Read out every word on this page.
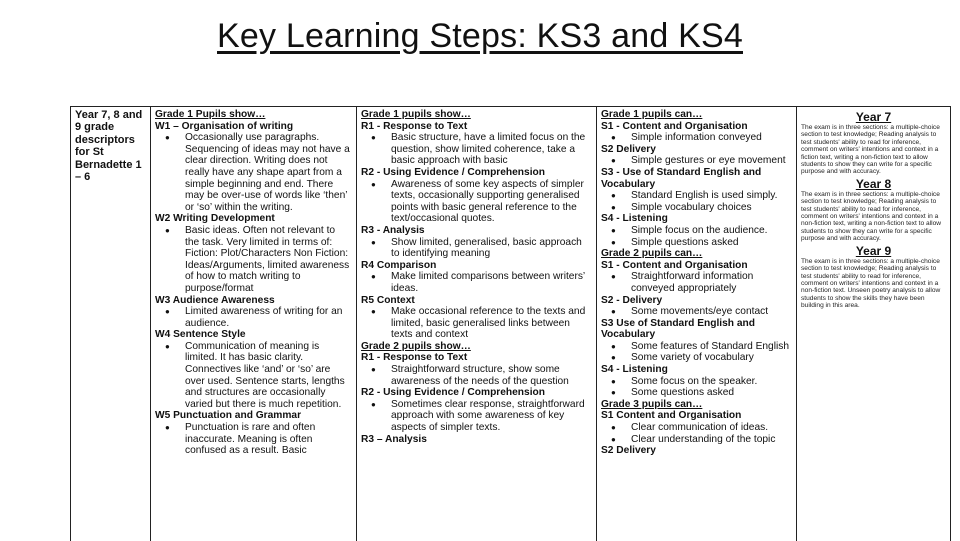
Key Learning Steps: KS3 and KS4
Year 7, 8 and 9 grade descriptors for St Bernadette 1 – 6
Grade 1 Pupils show…
W1 – Organisation of writing
● Occasionally use paragraphs. Sequencing of ideas may not have a clear direction. Writing does not really have any shape apart from a simple beginning and end. There may be over-use of words like ‘then’ or ‘so’ within the writing.
W2 Writing Development
● Basic ideas. Often not relevant to the task. Very limited in terms of: Fiction: Plot/Characters Non Fiction: Ideas/Arguments, limited awareness of how to match writing to purpose/format
W3 Audience Awareness
● Limited awareness of writing for an audience.
W4 Sentence Style
● Communication of meaning is limited. It has basic clarity. Connectives like ‘and’ or ‘so’ are over used. Sentence starts, lengths and structures are occasionally varied but there is much repetition.
W5 Punctuation and Grammar
● Punctuation is rare and often inaccurate. Meaning is often confused as a result. Basic
Grade 1 pupils show…
R1 - Response to Text
● Basic structure, have a limited focus on the question, show limited coherence, take a basic approach with basic
R2 - Using Evidence / Comprehension
● Awareness of some key aspects of simpler texts, occasionally supporting generalised points with basic general reference to the text/occasional quotes.
R3 - Analysis
● Show limited, generalised, basic approach to identifying meaning
R4 Comparison
● Make limited comparisons between writers’ ideas.
R5 Context
● Make occasional reference to the texts and limited, basic generalised links between texts and context
Grade 2 pupils show…
R1 - Response to Text
● Straightforward structure, show some awareness of the needs of the question
R2 - Using Evidence / Comprehension
● Sometimes clear response, straightforward approach with some awareness of key aspects of simpler texts.
R3 – Analysis
Grade 1 pupils can…
S1 - Content and Organisation
● Simple information conveyed
S2 Delivery
● Simple gestures or eye movement
S3 - Use of Standard English and Vocabulary
● Standard English is used simply.
● Simple vocabulary choices
S4 - Listening
● Simple focus on the audience.
● Simple questions asked
Grade 2 pupils can…
S1 - Content and Organisation
● Straightforward information conveyed appropriately
S2 - Delivery
● Some movements/eye contact
S3 Use of Standard English and Vocabulary
● Some features of Standard English
● Some variety of vocabulary
S4 - Listening
● Some focus on the speaker.
● Some questions asked
Grade 3 pupils can…
S1 Content and Organisation
● Clear communication of ideas.
● Clear understanding of the topic
S2 Delivery
Year 7
The exam is in three sections: a multiple-choice section to test knowledge; Reading analysis to test students' ability to read for inference, comment on writers' intentions and context in a fiction text, writing a non-fiction text to allow students to show they can write for a specific purpose and with accuracy.
Year 8
The exam is in three sections: a multiple-choice section to test knowledge; Reading analysis to test students' ability to read for inference, comment on writers' intentions and context in a non-fiction text, writing a non-fiction text to allow students to show they can write for a specific purpose and with accuracy.
Year 9
The exam is in three sections: a multiple-choice section to test knowledge; Reading analysis to test students' ability to read for inference, comment on writers' intentions and context in a non-fiction text. Unseen poetry analysis to allow students to show the skills they have been building in this area.
